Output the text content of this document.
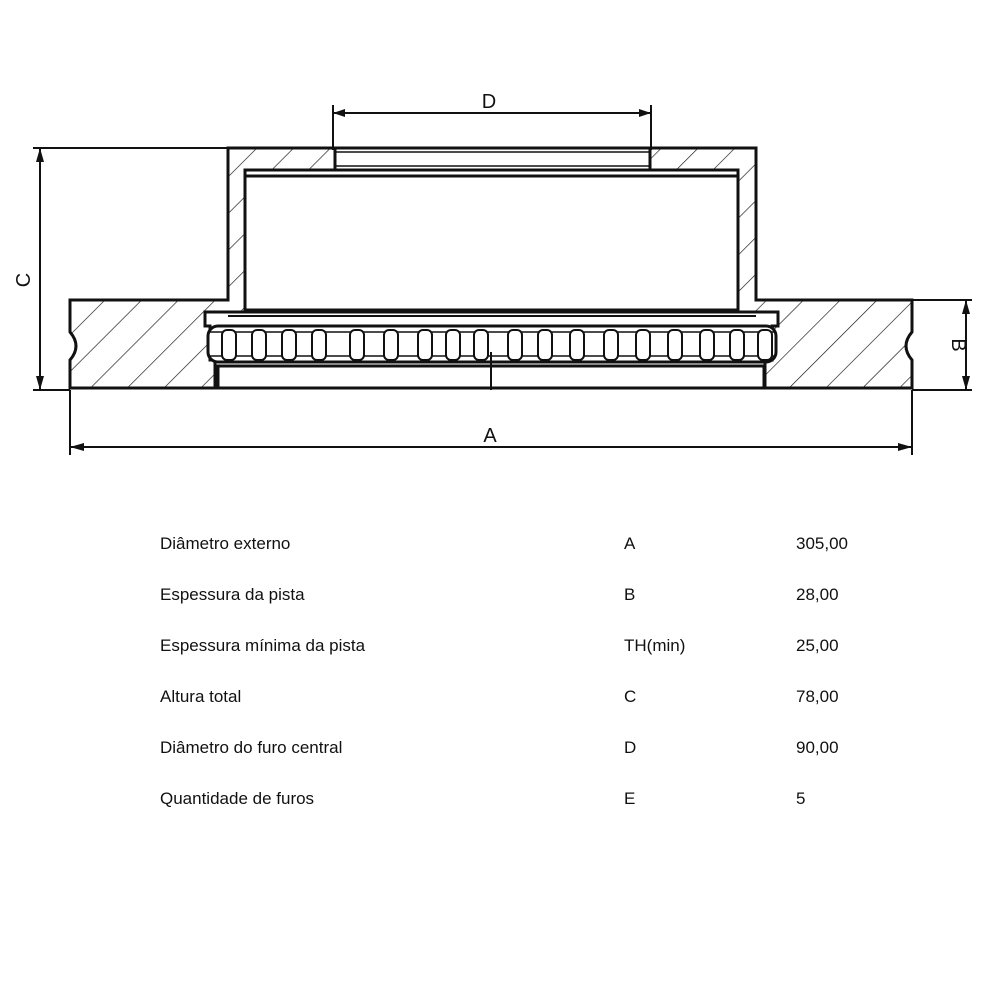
D
A
C
B
Diâmetro externo	A	305,00
Espessura da pista	B	28,00
Espessura mínima da pista	TH(min)	25,00
Altura total	C	78,00
Diâmetro do furo central	D	90,00
Quantidade de furos	E	5
